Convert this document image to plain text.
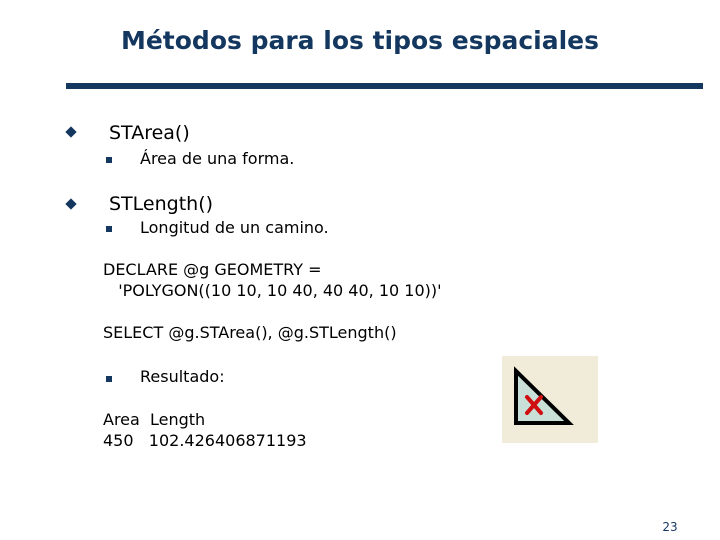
Métodos para los tipos espaciales
STArea()
Área de una forma.
STLength()
Longitud de un camino.
DECLARE @g GEOMETRY =
'POLYGON((10 10, 10 40, 40 40, 10 10))'
SELECT @g.STArea(), @g.STLength()
Resultado:
Area  Length
450   102.426406871193
23
